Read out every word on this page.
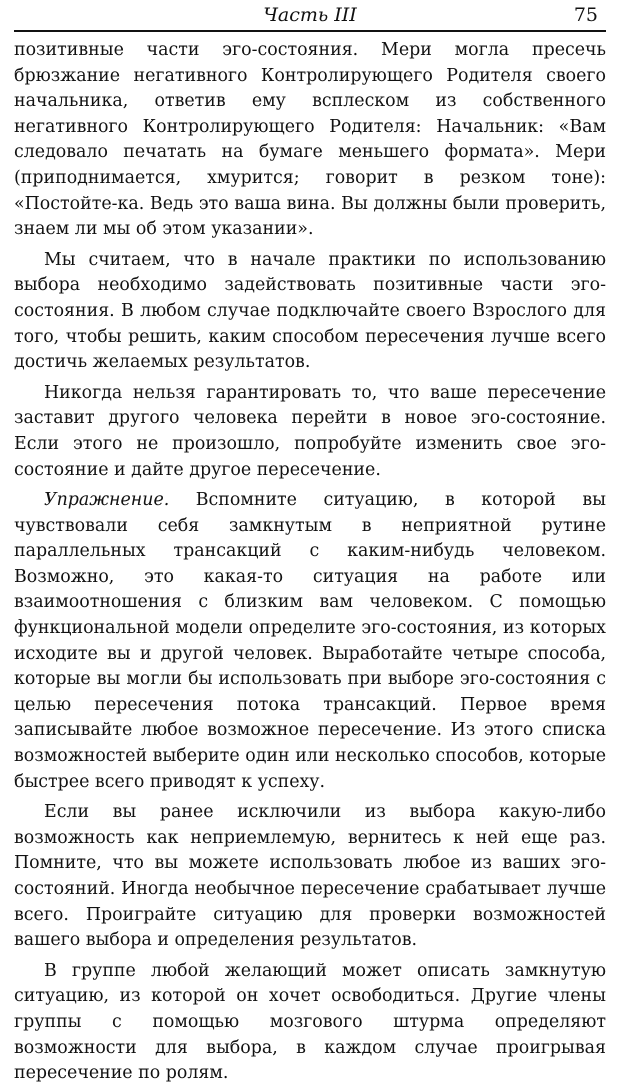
Часть III	75

позитивные части эго-состояния. Мери могла пресечь брюзжание негативного Контролирующего Родителя своего начальника, ответив ему всплеском из собственного негативного Контролирующего Родителя: Начальник: «Вам следовало печатать на бумаге меньшего формата». Мери (приподнимается, хмурится; говорит в резком тоне): «Постойте-ка. Ведь это ваша вина. Вы должны были проверить, знаем ли мы об этом указании».

Мы считаем, что в начале практики по использованию выбора необходимо задействовать позитивные части эго-состояния. В любом случае подключайте своего Взрослого для того, чтобы решить, каким способом пересечения лучше всего достичь желаемых результатов.

Никогда нельзя гарантировать то, что ваше пересечение заставит другого человека перейти в новое эго-состояние. Если этого не произошло, попробуйте изменить свое эго-состояние и дайте другое пересечение.

Упражнение. Вспомните ситуацию, в которой вы чувствовали себя замкнутым в неприятной рутине параллельных трансакций с каким-нибудь человеком. Возможно, это какая-то ситуация на работе или взаимоотношения с близким вам человеком. С помощью функциональной модели определите эго-состояния, из которых исходите вы и другой человек. Выработайте четыре способа, которые вы могли бы использовать при выборе эго-состояния с целью пересечения потока трансакций. Первое время записывайте любое возможное пересечение. Из этого списка возможностей выберите один или несколько способов, которые быстрее всего приводят к успеху.

Если вы ранее исключили из выбора какую-либо возможность как неприемлемую, вернитесь к ней еще раз. Помните, что вы можете использовать любое из ваших эго-состояний. Иногда необычное пересечение срабатывает лучше всего. Проиграйте ситуацию для проверки возможностей вашего выбора и определения результатов.

В группе любой желающий может описать замкнутую ситуацию, из которой он хочет освободиться. Другие члены группы с помощью мозгового штурма определяют возможности для выбора, в каждом случае проигрывая пересечение по ролям.
